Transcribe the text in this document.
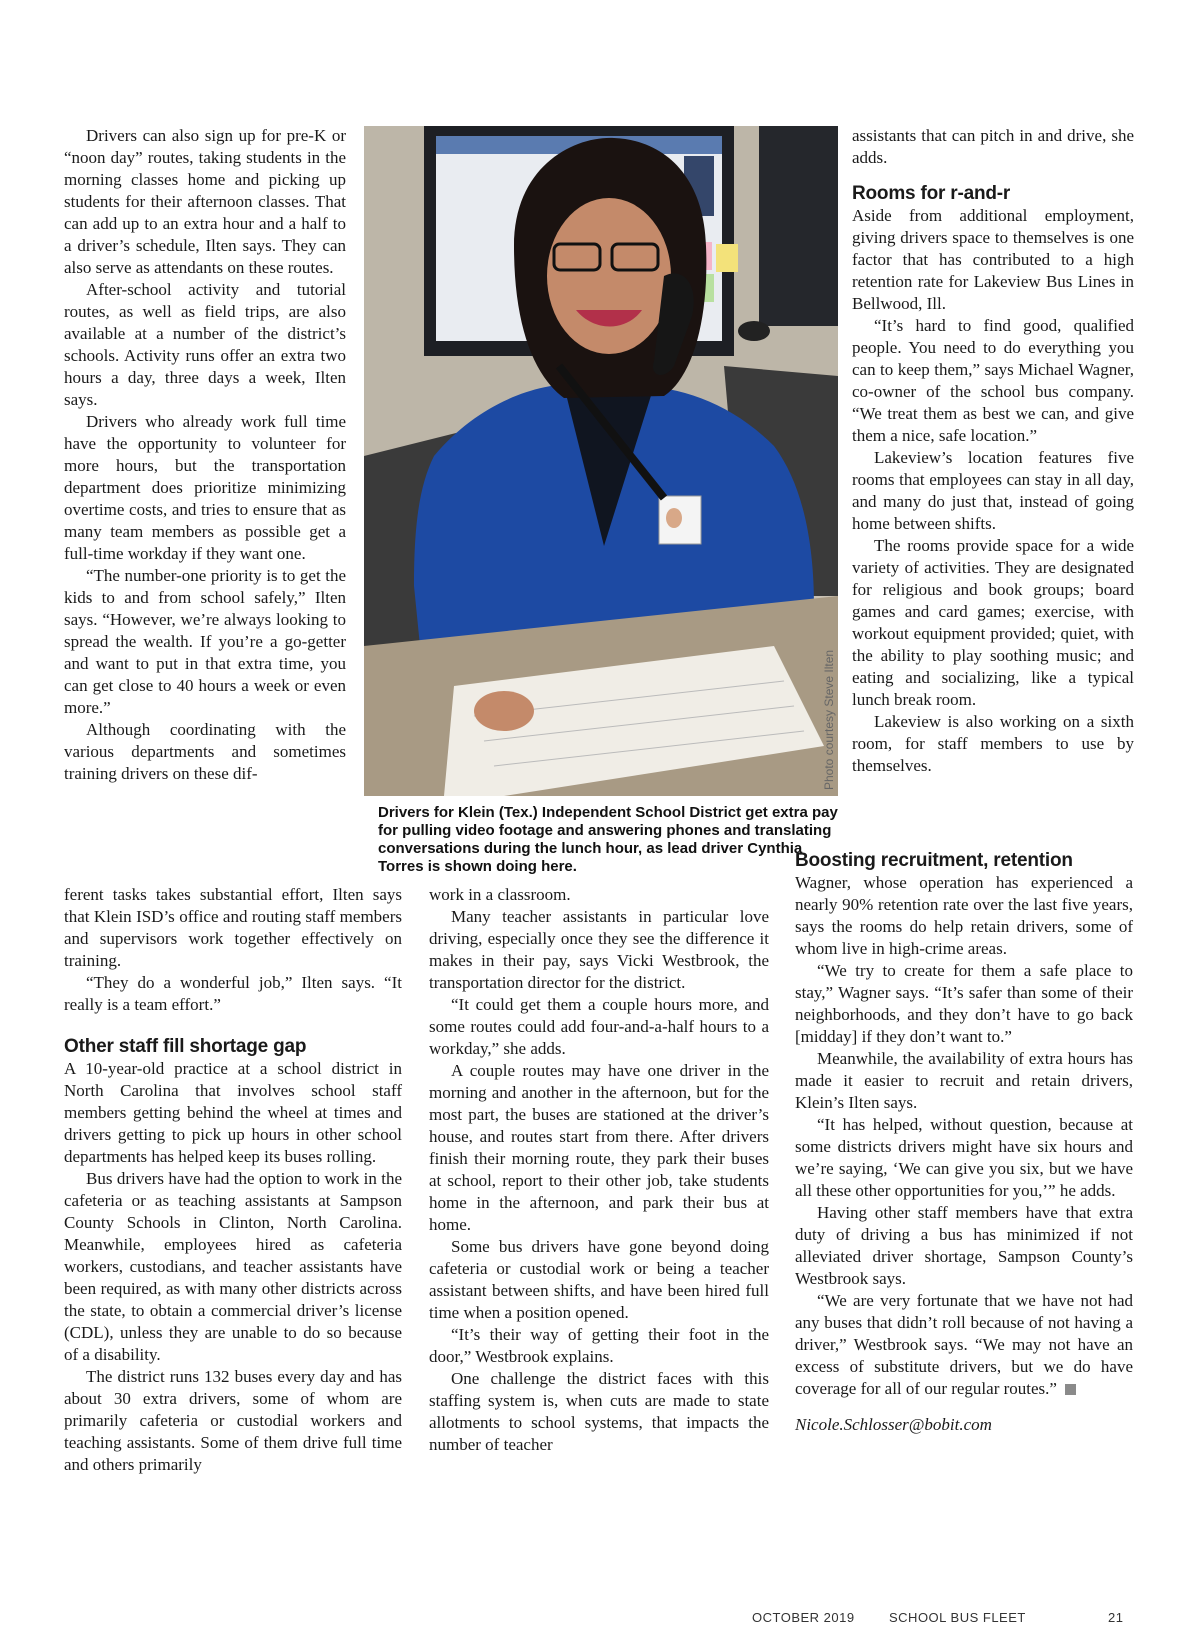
Drivers can also sign up for pre-K or “noon day” routes, taking students in the morning classes home and picking up students for their afternoon classes. That can add up to an extra hour and a half to a driver’s schedule, Ilten says. They can also serve as attendants on these routes.

After-school activity and tutorial routes, as well as field trips, are also available at a number of the district’s schools. Activity runs offer an extra two hours a day, three days a week, Ilten says.

Drivers who already work full time have the opportunity to volunteer for more hours, but the transportation department does prioritize minimizing overtime costs, and tries to ensure that as many team members as possible get a full-time workday if they want one.

“The number-one priority is to get the kids to and from school safely,” Ilten says. “However, we’re always looking to spread the wealth. If you’re a go-getter and want to put in that extra time, you can get close to 40 hours a week or even more.”

Although coordinating with the various departments and sometimes training drivers on these dif-	Photo courtesy Steve Ilten
Drivers for Klein (Tex.) Independent School District get extra pay for pulling video footage and answering phones and translating conversations during the lunch hour, as lead driver Cynthia Torres is shown doing here.

ferent tasks takes substantial effort, Ilten says that Klein ISD’s office and routing staff members and supervisors work together effectively on training.

“They do a wonderful job,” Ilten says. “It really is a team effort.”

Other staff fill shortage gap

A 10-year-old practice at a school district in North Carolina that involves school staff members getting behind the wheel at times and drivers getting to pick up hours in other school departments has helped keep its buses rolling.

Bus drivers have had the option to work in the cafeteria or as teaching assistants at Sampson County Schools in Clinton, North Carolina. Meanwhile, employees hired as cafeteria workers, custodians, and teacher assistants have been required, as with many other districts across the state, to obtain a commercial driver’s license (CDL), unless they are unable to do so because of a disability.

The district runs 132 buses every day and has about 30 extra drivers, some of whom are primarily cafeteria or custodial workers and teaching assistants. Some of them drive full time and others primarily

work in a classroom.

Many teacher assistants in particular love driving, especially once they see the difference it makes in their pay, says Vicki Westbrook, the transportation director for the district.

“It could get them a couple hours more, and some routes could add four-and-a-half hours to a workday,” she adds.

A couple routes may have one driver in the morning and another in the afternoon, but for the most part, the buses are stationed at the driver’s house, and routes start from there. After drivers finish their morning route, they park their buses at school, report to their other job, take students home in the afternoon, and park their bus at home.

Some bus drivers have gone beyond doing cafeteria or custodial work or being a teacher assistant between shifts, and have been hired full time when a position opened.

“It’s their way of getting their foot in the door,” Westbrook explains.

One challenge the district faces with this staffing system is, when cuts are made to state allotments to school systems, that impacts the number of teacher

assistants that can pitch in and drive, she adds.

Rooms for r-and-r

Aside from additional employment, giving drivers space to themselves is one factor that has contributed to a high retention rate for Lakeview Bus Lines in Bellwood, Ill.

“It’s hard to find good, qualified people. You need to do everything you can to keep them,” says Michael Wagner, co-owner of the school bus company. “We treat them as best we can, and give them a nice, safe location.”

Lakeview’s location features five rooms that employees can stay in all day, and many do just that, instead of going home between shifts.

The rooms provide space for a wide variety of activities. They are designated for religious and book groups; board games and card games; exercise, with workout equipment provided; quiet, with the ability to play soothing music; and eating and socializing, like a typical lunch break room.

Lakeview is also working on a sixth room, for staff members to use by themselves.

Boosting recruitment, retention

Wagner, whose operation has experienced a nearly 90% retention rate over the last five years, says the rooms do help retain drivers, some of whom live in high-crime areas.

“We try to create for them a safe place to stay,” Wagner says. “It’s safer than some of their neighborhoods, and they don’t have to go back [midday] if they don’t want to.”

Meanwhile, the availability of extra hours has made it easier to recruit and retain drivers, Klein’s Ilten says.

“It has helped, without question, because at some districts drivers might have six hours and we’re saying, ‘We can give you six, but we have all these other opportunities for you,’” he adds.

Having other staff members have that extra duty of driving a bus has minimized if not alleviated driver shortage, Sampson County’s Westbrook says.

“We are very fortunate that we have not had any buses that didn’t roll because of not having a driver,” Westbrook says. “We may not have an excess of substitute drivers, but we do have coverage for all of our regular routes.”

Nicole.Schlosser@bobit.com

OCTOBER 2019	SCHOOL BUS FLEET	21
